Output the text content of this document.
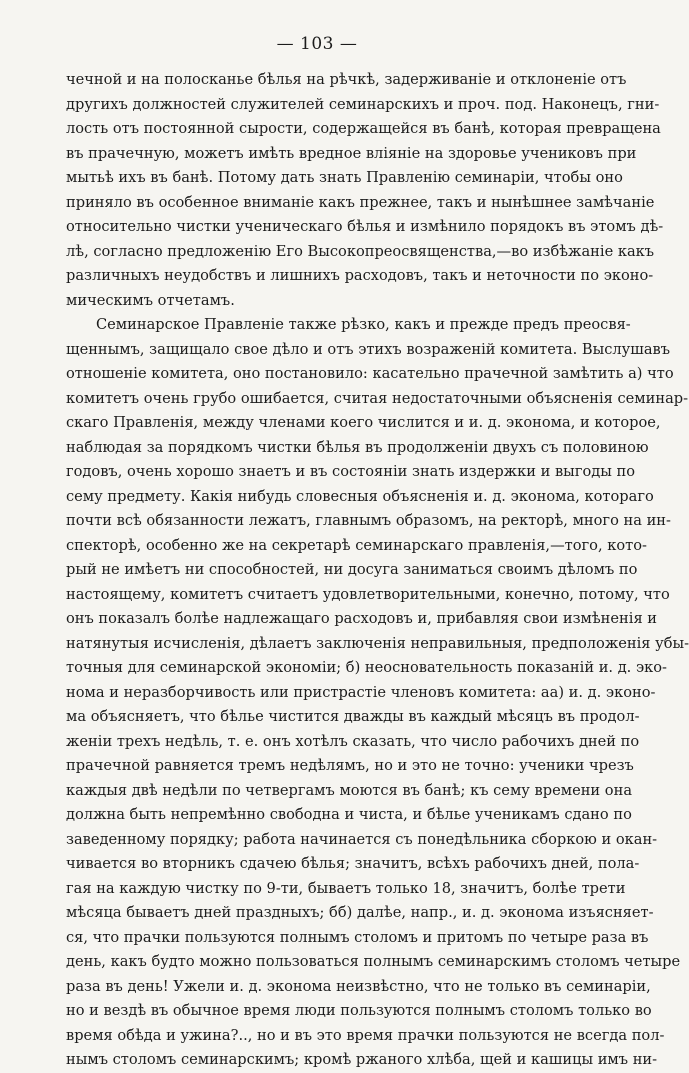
— 103 —
чечной и на полосканье бѣлья на рѣчкѣ, задерживаніе и отклоненіе отъ
другихъ должностей служителей семинарскихъ и проч. под. Наконецъ, гни-
лость отъ постоянной сырости, содержащейся въ банѣ, которая превращена
въ прачечную, можетъ имѣть вредное вліяніе на здоровье учениковъ при
мытьѣ ихъ въ банѣ. Потому дать знать Правленію семинаріи, чтобы оно
приняло въ особенное вниманіе какъ прежнее, такъ и нынѣшнее замѣчаніе
относительно чистки ученическаго бѣлья и измѣнило порядокъ въ этомъ дѣ-
лѣ, согласно предложенію Его Высокопреосвященства,—во избѣжаніе какъ
различныхъ неудобствъ и лишнихъ расходовъ, такъ и неточности по эконо-
мическимъ отчетамъ.
Семинарское Правленіе также рѣзко, какъ и прежде предъ преосвя-
щеннымъ, защищало свое дѣло и отъ этихъ возраженій комитета. Выслушавъ
отношеніе комитета, оно постановило: касательно прачечной замѣтить а) что
комитетъ очень грубо ошибается, считая недостаточными объясненія семинар-
скаго Правленія, между членами коего числится и и. д. эконома, и которое,
наблюдая за порядкомъ чистки бѣлья въ продолженіи двухъ съ половиною
годовъ, очень хорошо знаетъ и въ состояніи знать издержки и выгоды по
сему предмету. Какія нибудь словесныя объясненія и. д. эконома, котораго
почти всѣ обязанности лежатъ, главнымъ образомъ, на ректорѣ, много на ин-
спекторѣ, особенно же на секретарѣ семинарскаго правленія,—того, кото-
рый не имѣетъ ни способностей, ни досуга заниматься своимъ дѣломъ по
настоящему, комитетъ считаетъ удовлетворительными, конечно, потому, что
онъ показалъ болѣе надлежащаго расходовъ и, прибавляя свои измѣненія и
натянутыя исчисленія, дѣлаетъ заключенія неправильныя, предположенія убы-
точныя для семинарской экономіи; б) неосновательность показаній и. д. эко-
нома и неразборчивость или пристрастіе членовъ комитета: аа) и. д. эконо-
ма объясняетъ, что бѣлье чистится дважды въ каждый мѣсяцъ въ продол-
женіи трехъ недѣль, т. е. онъ хотѣлъ сказать, что число рабочихъ дней по
прачечной равняется тремъ недѣлямъ, но и это не точно: ученики чрезъ
каждыя двѣ недѣли по четвергамъ моются въ банѣ; къ сему времени она
должна быть непремѣнно свободна и чиста, и бѣлье ученикамъ сдано по
заведенному порядку; работа начинается съ понедѣльника сборкою и окан-
чивается во вторникъ сдачею бѣлья; значитъ, всѣхъ рабочихъ дней, пола-
гая на каждую чистку по 9-ти, бываетъ только 18, значитъ, болѣе трети
мѣсяца бываетъ дней праздныхъ; бб) далѣе, напр., и. д. эконома изъясняет-
ся, что прачки пользуются полнымъ столомъ и притомъ по четыре раза въ
день, какъ будто можно пользоваться полнымъ семинарскимъ столомъ четыре
раза въ день! Ужели и. д. эконома неизвѣстно, что не только въ семинаріи,
но и вездѣ въ обычное время люди пользуются полнымъ столомъ только во
время обѣда и ужина?.., но и въ это время прачки пользуются не всегда пол-
нымъ столомъ семинарскимъ; кромѣ ржаного хлѣба, щей и кашицы имъ ни-
